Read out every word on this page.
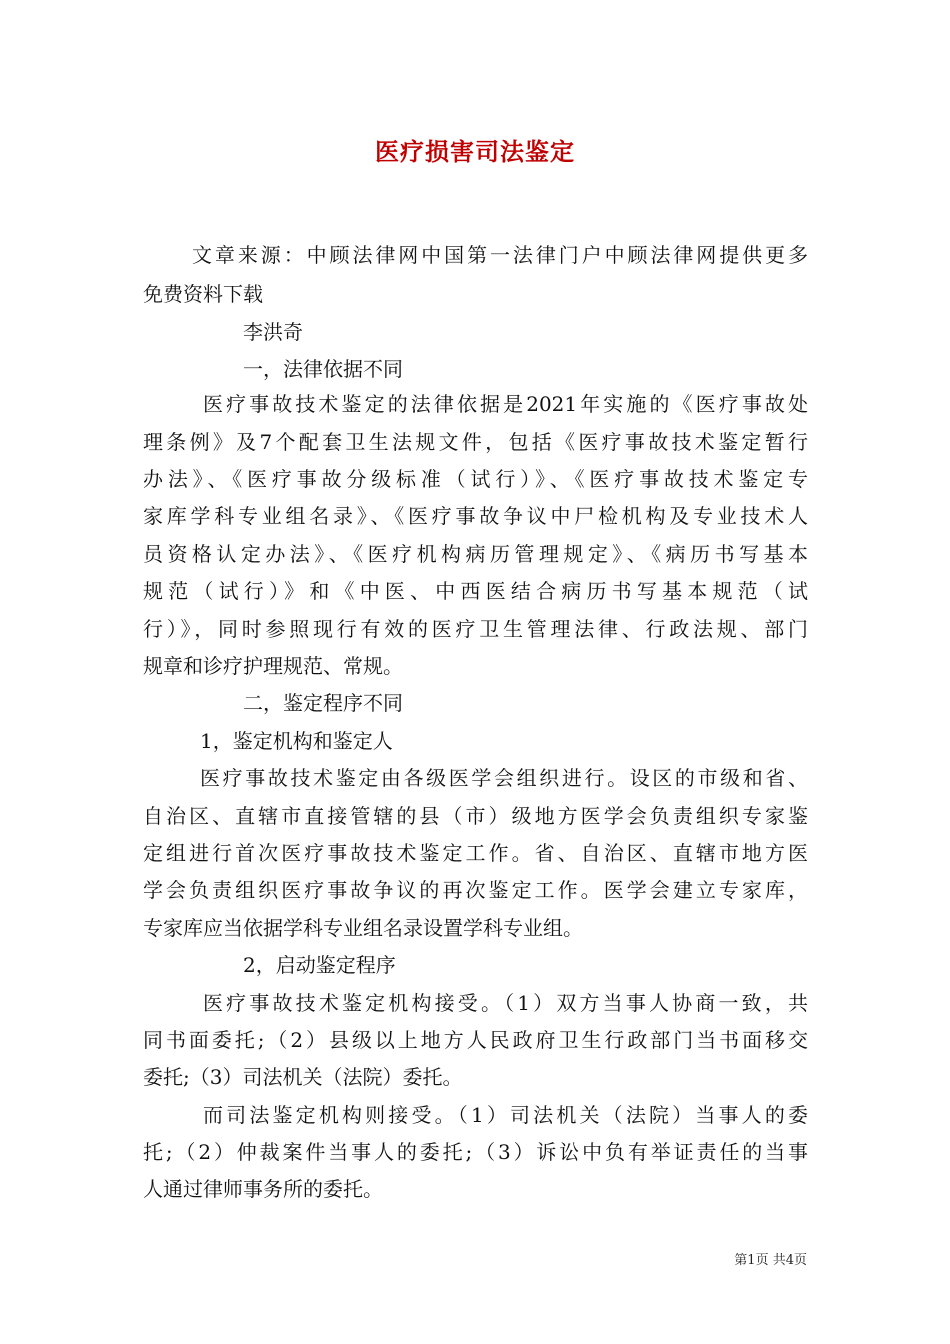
医疗损害司法鉴定
文章来源：中顾法律网中国第一法律门户中顾法律网提供更多
免费资料下载
李洪奇
一，法律依据不同
医疗事故技术鉴定的法律依据是2021年实施的《医疗事故处
理条例》及7个配套卫生法规文件，包括《医疗事故技术鉴定暂行
办法》、《医疗事故分级标准（试行）》、《医疗事故技术鉴定专
家库学科专业组名录》、《医疗事故争议中尸检机构及专业技术人
员资格认定办法》、《医疗机构病历管理规定》、《病历书写基本
规范（试行）》和《中医、中西医结合病历书写基本规范（试
行）》，同时参照现行有效的医疗卫生管理法律、行政法规、部门
规章和诊疗护理规范、常规。
二，鉴定程序不同
1，鉴定机构和鉴定人
医疗事故技术鉴定由各级医学会组织进行。设区的市级和省、
自治区、直辖市直接管辖的县（市）级地方医学会负责组织专家鉴
定组进行首次医疗事故技术鉴定工作。省、自治区、直辖市地方医
学会负责组织医疗事故争议的再次鉴定工作。医学会建立专家库，
专家库应当依据学科专业组名录设置学科专业组。
2，启动鉴定程序
医疗事故技术鉴定机构接受。（1）双方当事人协商一致，共
同书面委托;（2）县级以上地方人民政府卫生行政部门当书面移交
委托;（3）司法机关（法院）委托。
而司法鉴定机构则接受。（1）司法机关（法院）当事人的委
托;（2）仲裁案件当事人的委托;（3）诉讼中负有举证责任的当事
人通过律师事务所的委托。
第1页 共4页
